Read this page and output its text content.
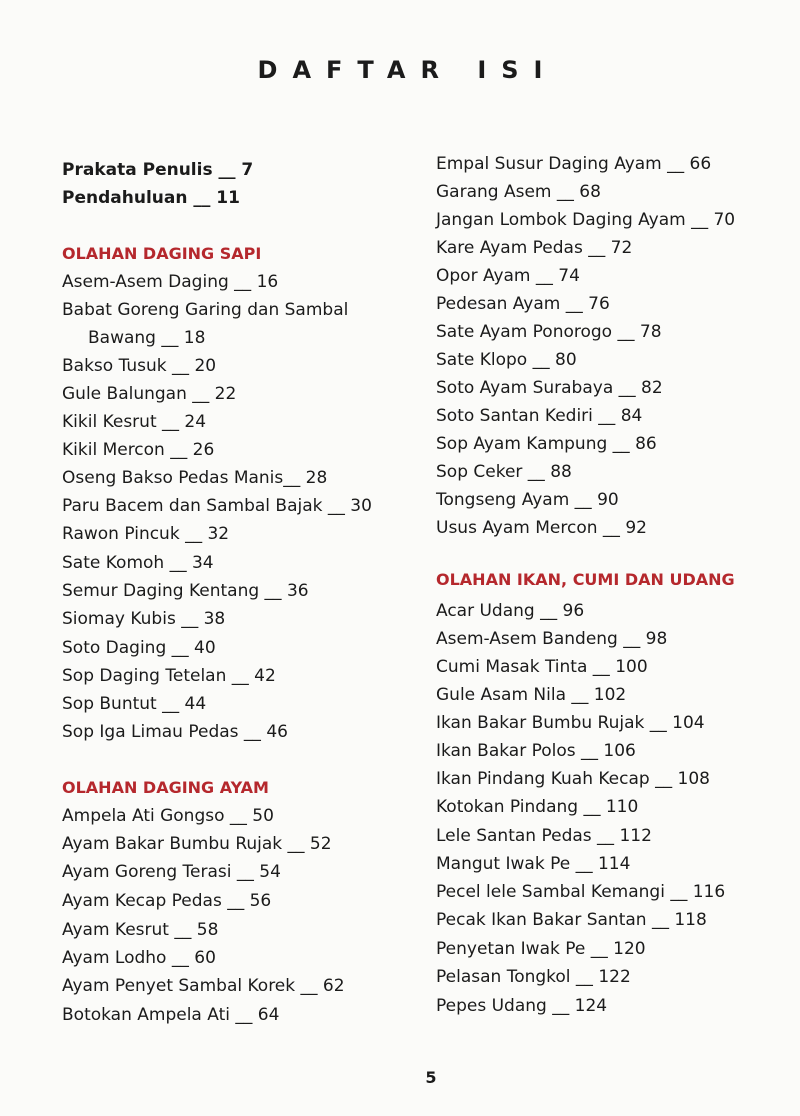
DAFTAR ISI
Prakata Penulis __ 7
Pendahuluan __ 11
OLAHAN DAGING SAPI
Asem-Asem Daging __ 16
Babat Goreng Garing dan Sambal
Bawang __ 18
Bakso Tusuk __ 20
Gule Balungan __ 22
Kikil Kesrut __ 24
Kikil Mercon __ 26
Oseng Bakso Pedas Manis__ 28
Paru Bacem dan Sambal Bajak __ 30
Rawon Pincuk __ 32
Sate Komoh __ 34
Semur Daging Kentang __ 36
Siomay Kubis __ 38
Soto Daging __ 40
Sop Daging Tetelan __ 42
Sop Buntut __ 44
Sop Iga Limau Pedas __ 46
OLAHAN DAGING AYAM
Ampela Ati Gongso __ 50
Ayam Bakar Bumbu Rujak __ 52
Ayam Goreng Terasi __ 54
Ayam Kecap Pedas __ 56
Ayam Kesrut __ 58
Ayam Lodho __ 60
Ayam Penyet Sambal Korek __ 62
Botokan Ampela Ati __ 64
Empal Susur Daging Ayam __ 66
Garang Asem __ 68
Jangan Lombok Daging Ayam __ 70
Kare Ayam Pedas __ 72
Opor Ayam __ 74
Pedesan Ayam __ 76
Sate Ayam Ponorogo __ 78
Sate Klopo __ 80
Soto Ayam Surabaya __ 82
Soto Santan Kediri __ 84
Sop Ayam Kampung __ 86
Sop Ceker __ 88
Tongseng Ayam __ 90
Usus Ayam Mercon __ 92
OLAHAN IKAN, CUMI DAN UDANG
Acar Udang __ 96
Asem-Asem Bandeng __ 98
Cumi Masak Tinta __ 100
Gule Asam Nila __ 102
Ikan Bakar Bumbu Rujak __ 104
Ikan Bakar Polos __ 106
Ikan Pindang Kuah Kecap __ 108
Kotokan Pindang __ 110
Lele Santan Pedas __ 112
Mangut Iwak Pe __ 114
Pecel lele Sambal Kemangi __ 116
Pecak Ikan Bakar Santan __ 118
Penyetan Iwak Pe __ 120
Pelasan Tongkol __ 122
Pepes Udang __ 124
5
